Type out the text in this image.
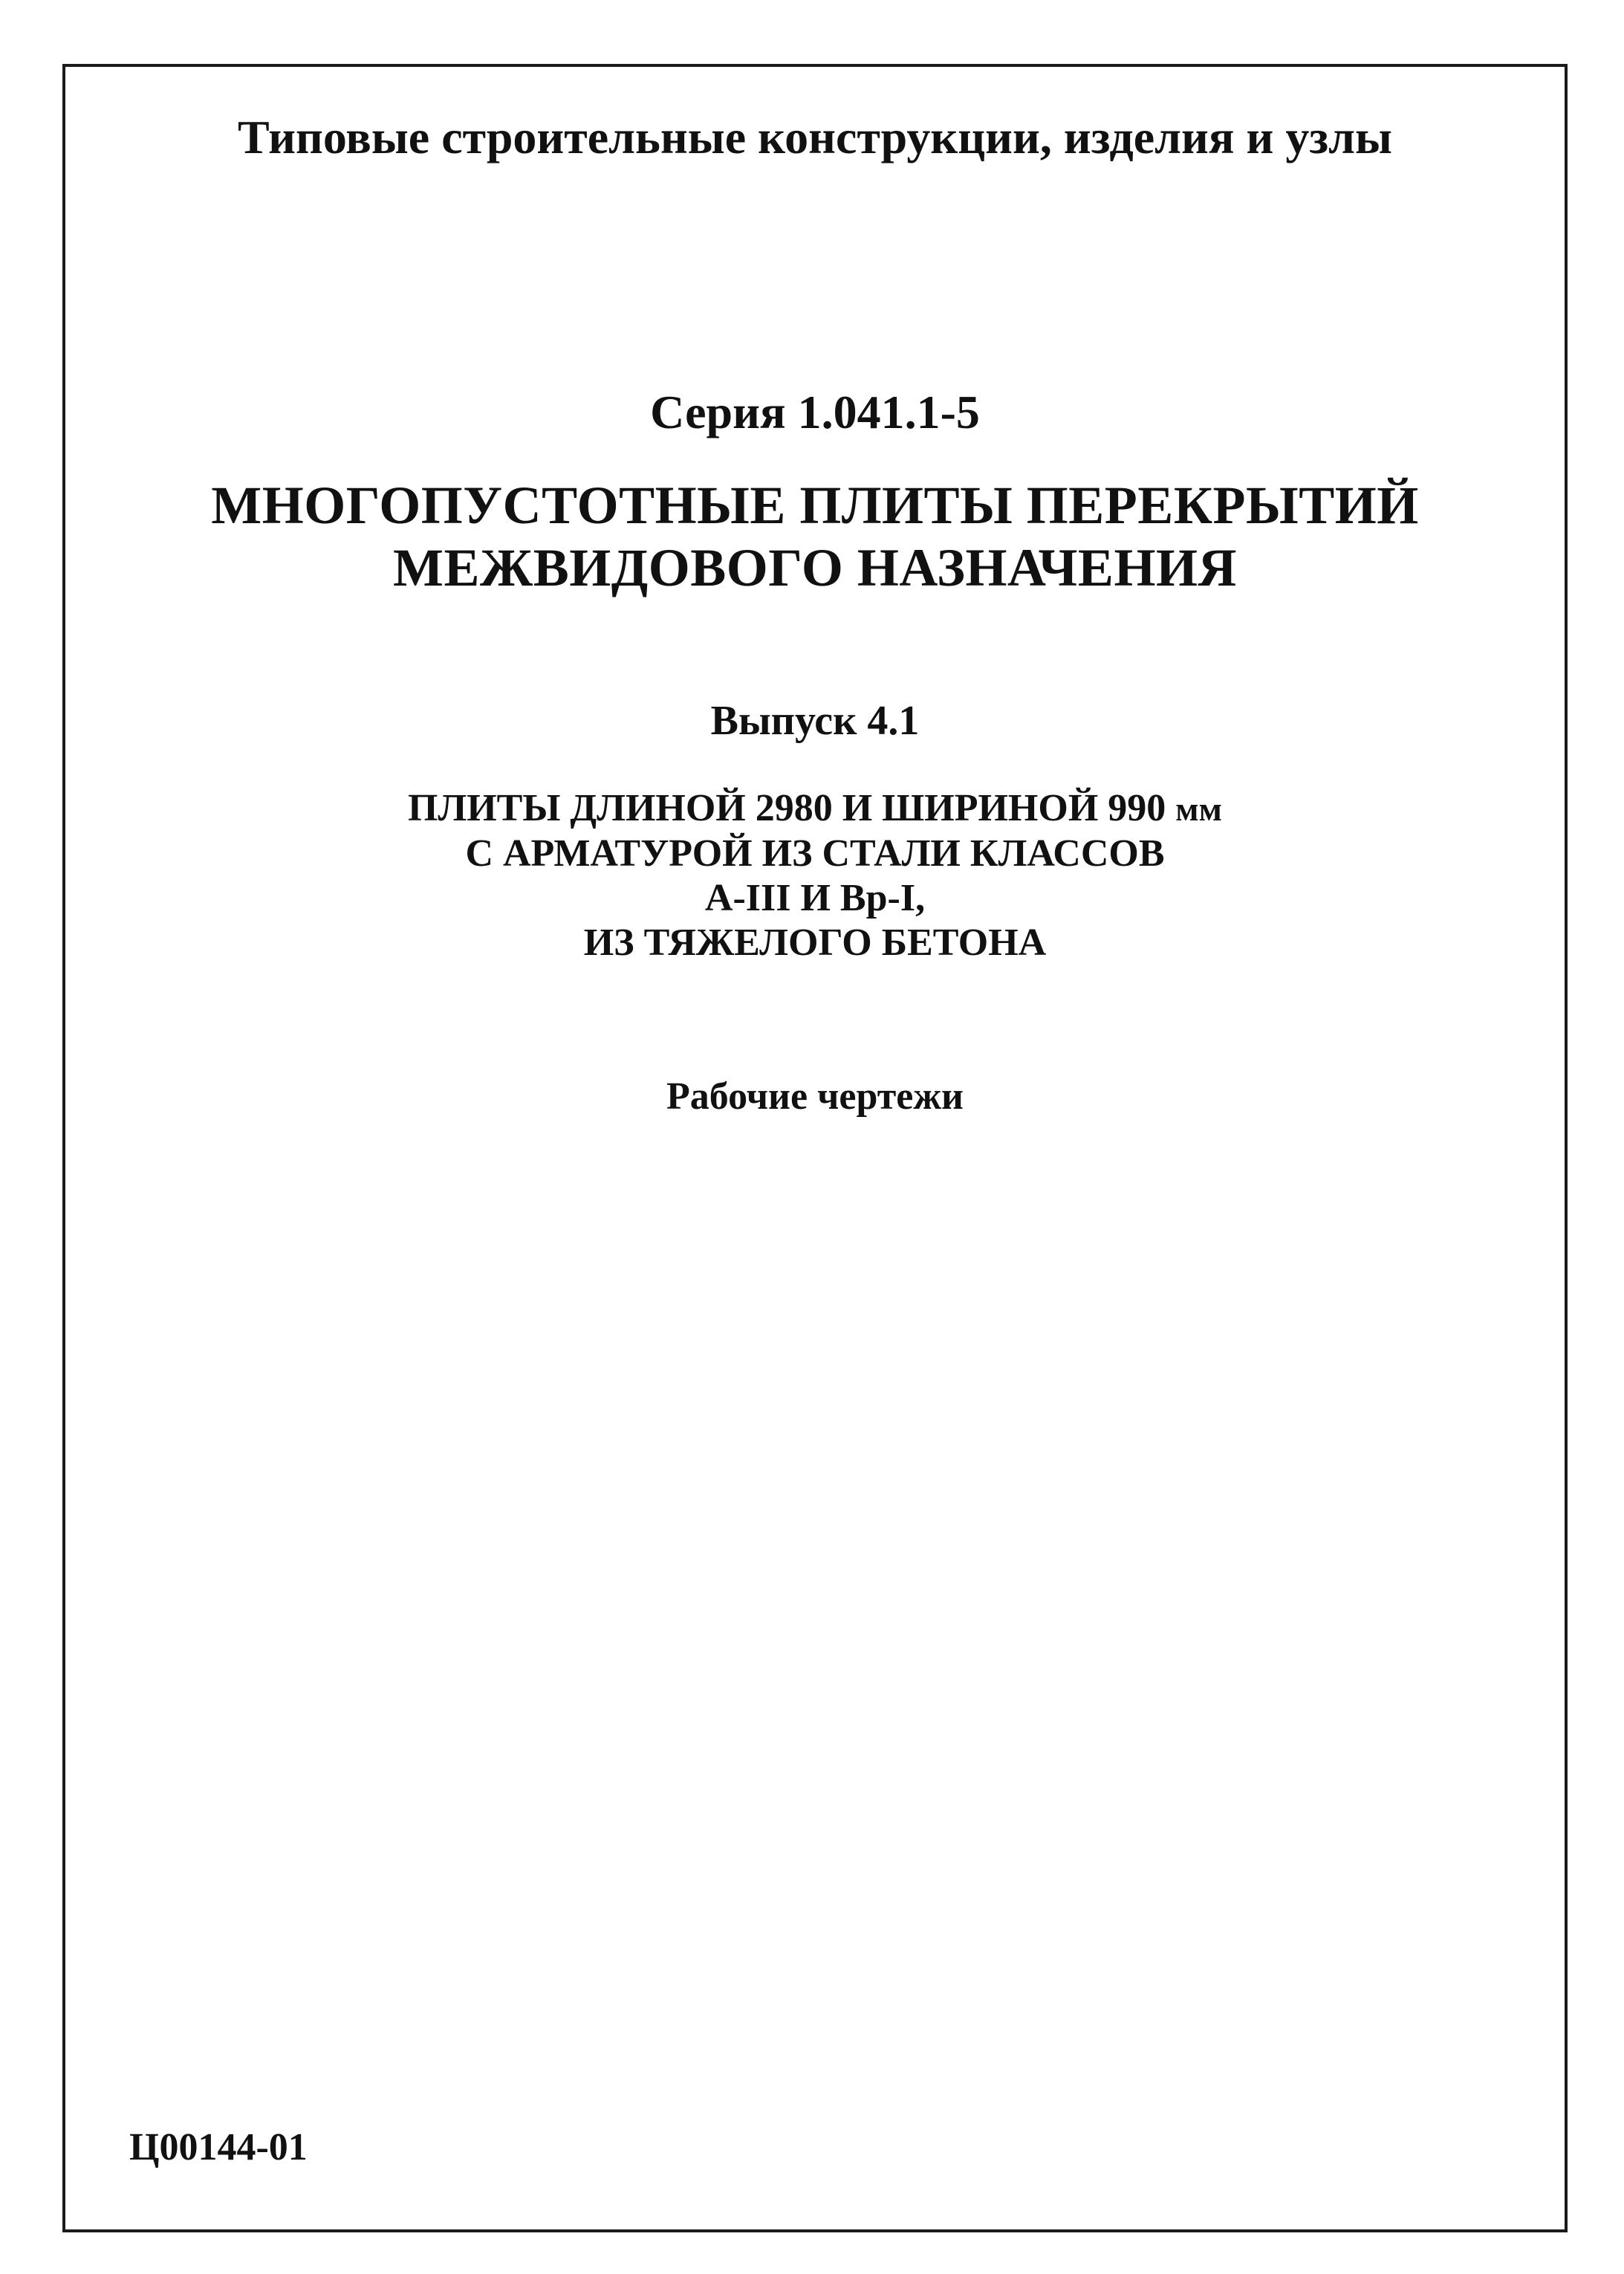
Типовые строительные конструкции, изделия и узлы
Серия 1.041.1-5
МНОГОПУСТОТНЫЕ ПЛИТЫ ПЕРЕКРЫТИЙ
МЕЖВИДОВОГО НАЗНАЧЕНИЯ
Выпуск 4.1
ПЛИТЫ ДЛИНОЙ 2980 И ШИРИНОЙ 990 мм
С АРМАТУРОЙ ИЗ СТАЛИ КЛАССОВ
А-III И Вр-I,
ИЗ ТЯЖЕЛОГО БЕТОНА
Рабочие чертежи
Ц00144-01
